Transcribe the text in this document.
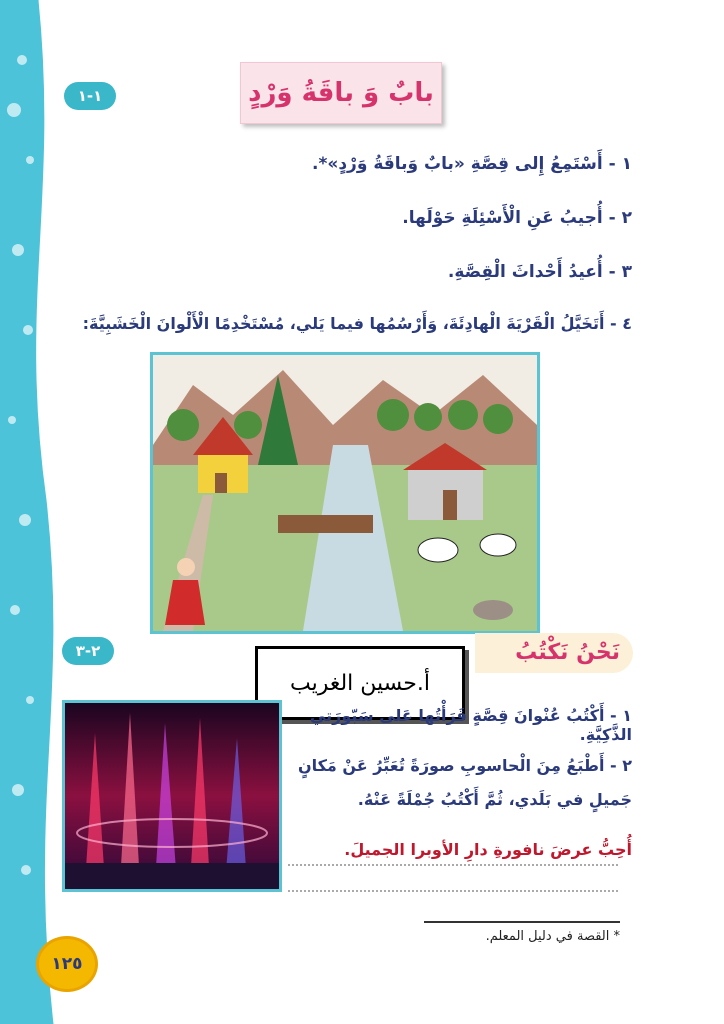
١-١	بابٌ وَ باقَةُ وَرْدٍ
١ - أَسْتَمِعُ إِلى قِصَّةِ «بابٌ وَباقَةُ وَرْدٍ»*.
٢ - أُجيبُ عَنِ الْأَسْئِلَةِ حَوْلَها.
٣ - أُعيدُ أَحْداثَ الْقِصَّةِ.
٤ - أَتَخَيَّلُ الْقَرْيَةَ الْهادِئَةَ، وَأَرْسُمُها فيما يَلي، مُسْتَخْدِمًا الْأَلْوانَ الْخَشَبِيَّةَ:
٢-٣	نَحْنُ نَكْتُبُ
أ.حسين الغريب
١ - أَكْتُبُ عُنْوانَ قِصَّةٍ قَرَأْتُها عَلى سَبّورَتي الذَّكِيَّةِ.
٢ - أَطْبَعُ مِنَ الْحاسوبِ صورَةً تُعَبِّرُ عَنْ مَكانٍ
جَميلٍ في بَلَدي، ثُمَّ أَكْتُبُ جُمْلَةً عَنْهُ.
أُحِبُّ عرضَ نافورةِ دارِ الأوبرا الجميلَ.
* القصة في دليل المعلم.
١٢٥
